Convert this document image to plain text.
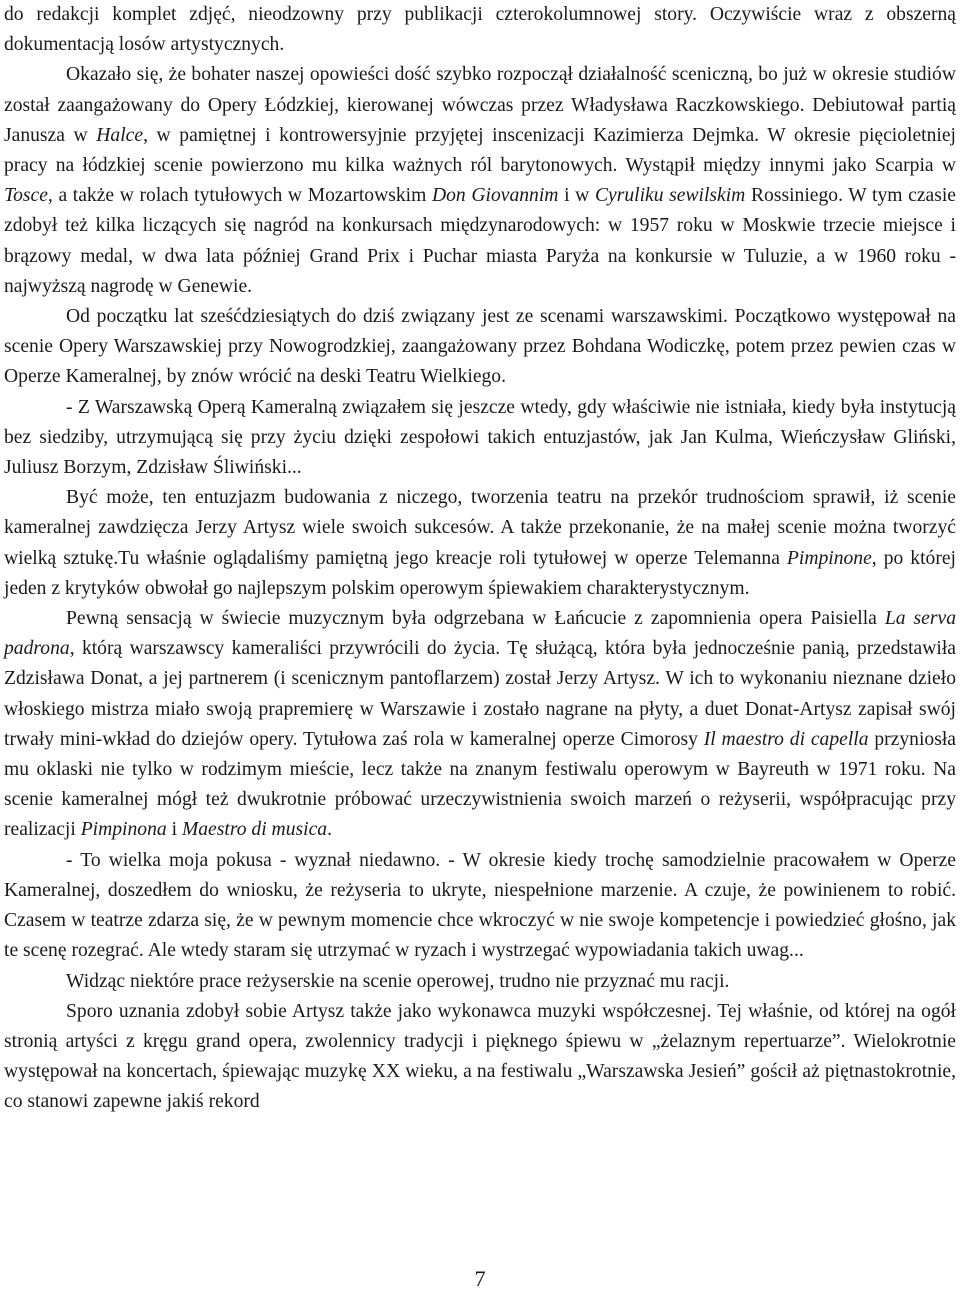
do redakcji komplet zdjęć, nieodzowny przy publikacji czterokolumnowej story. Oczywiście wraz z obszerną dokumentacją losów artystycznych.

Okazało się, że bohater naszej opowieści dość szybko rozpoczął działalność sceniczną, bo już w okresie studiów został zaangażowany do Opery Łódzkiej, kierowanej wówczas przez Władysława Raczkowskiego. Debiutował partią Janusza w Halce, w pamiętnej i kontrowersyjnie przyjętej inscenizacji Kazimierza Dejmka. W okresie pięcioletniej pracy na łódzkiej scenie powierzono mu kilka ważnych ról barytonowych. Wystąpił między innymi jako Scarpia w Tosce, a także w rolach tytułowych w Mozartowskim Don Giovannim i w Cyruliku sewilskim Rossiniego. W tym czasie zdobył też kilka liczących się nagród na konkursach międzynarodowych: w 1957 roku w Moskwie trzecie miejsce i brązowy medal, w dwa lata później Grand Prix i Puchar miasta Paryża na konkursie w Tuluzie, a w 1960 roku - najwyższą nagrodę w Genewie.

Od początku lat sześćdziesiątych do dziś związany jest ze scenami warszawskimi. Początkowo występował na scenie Opery Warszawskiej przy Nowogrodzkiej, zaangażowany przez Bohdana Wodiczkę, potem przez pewien czas w Operze Kameralnej, by znów wrócić na deski Teatru Wielkiego.

- Z Warszawską Operą Kameralną związałem się jeszcze wtedy, gdy właściwie nie istniała, kiedy była instytucją bez siedziby, utrzymującą się przy życiu dzięki zespołowi takich entuzjastów, jak Jan Kulma, Wieńczysław Gliński, Juliusz Borzym, Zdzisław Śliwiński...

Być może, ten entuzjazm budowania z niczego, tworzenia teatru na przekór trudnościom sprawił, iż scenie kameralnej zawdzięcza Jerzy Artysz wiele swoich sukcesów. A także przekonanie, że na małej scenie można tworzyć wielką sztukę.Tu właśnie oglądaliśmy pamiętną jego kreacje roli tytułowej w operze Telemanna Pimpinone, po której jeden z krytyków obwołał go najlepszym polskim operowym śpiewakiem charakterystycznym.

Pewną sensacją w świecie muzycznym była odgrzebana w Łańcucie z zapomnienia opera Paisiella La serva padrona, którą warszawscy kameraliści przywrócili do życia. Tę służącą, która była jednocześnie panią, przedstawiła Zdzisława Donat, a jej partnerem (i scenicznym pantoflarzem) został Jerzy Artysz. W ich to wykonaniu nieznane dzieło włoskiego mistrza miało swoją prapremierę w Warszawie i zostało nagrane na płyty, a duet Donat-Artysz zapisał swój trwały mini-wkład do dziejów opery. Tytułowa zaś rola w kameralnej operze Cimorosy Il maestro di capella przyniosła mu oklaski nie tylko w rodzimym mieście, lecz także na znanym festiwalu operowym w Bayreuth w 1971 roku. Na scenie kameralnej mógł też dwukrotnie próbować urzeczywistnienia swoich marzeń o reżyserii, współpracując przy realizacji Pimpinona i Maestro di musica.

- To wielka moja pokusa - wyznał niedawno. - W okresie kiedy trochę samodzielnie pracowałem w Operze Kameralnej, doszedłem do wniosku, że reżyseria to ukryte, niespełnione marzenie. A czuje, że powinienem to robić. Czasem w teatrze zdarza się, że w pewnym momencie chce wkroczyć w nie swoje kompetencje i powiedzieć głośno, jak te scenę rozegrać. Ale wtedy staram się utrzymać w ryzach i wystrzegać wypowiadania takich uwag...

Widząc niektóre prace reżyserskie na scenie operowej, trudno nie przyznać mu racji.

Sporo uznania zdobył sobie Artysz także jako wykonawca muzyki współczesnej. Tej właśnie, od której na ogół stronią artyści z kręgu grand opera, zwolennicy tradycji i pięknego śpiewu w „żelaznym repertuarze”. Wielokrotnie występował na koncertach, śpiewając muzykę XX wieku, a na festiwalu „Warszawska Jesień” gościł aż piętnastokrotnie, co stanowi zapewne jakiś rekord

7
